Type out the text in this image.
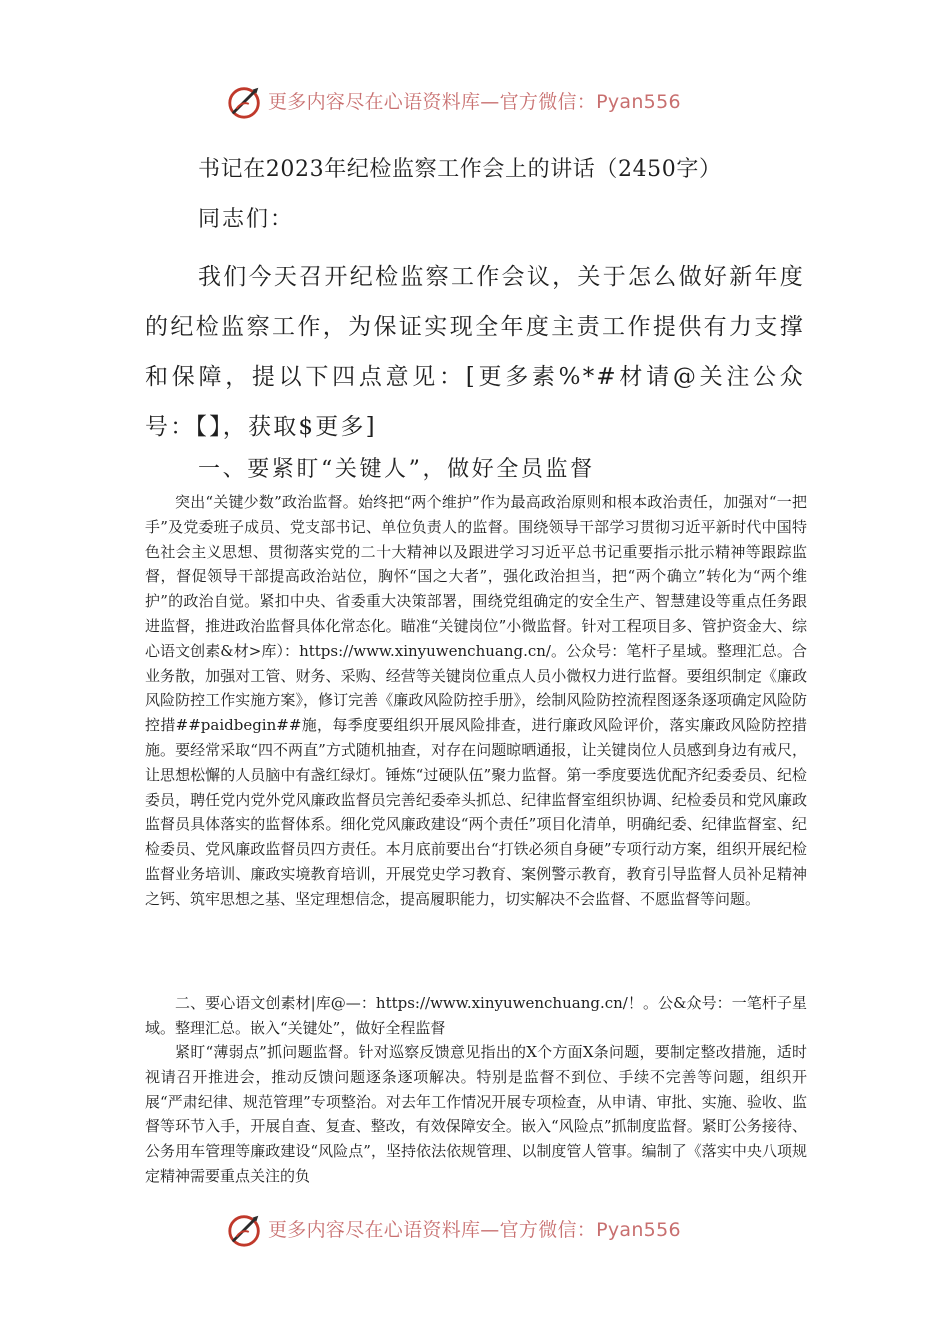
更多内容尽在心语资料库—官方微信：Pyan556
书记在2023年纪检监察工作会上的讲话（2450字）
同志们：

我们今天召开纪检监察工作会议，关于怎么做好新年度的纪检监察工作，为保证实现全年度主责工作提供有力支撑和保障，提以下四点意见：[更多素%*#材请@关注公众号：【】，获取$更多]

一、要紧盯“关键人”，做好全员监督

突出“关键少数”政治监督。始终把“两个维护”作为最高政治原则和根本政治责任，加强对“一把手”及党委班子成员、党支部书记、单位负责人的监督。围绕领导干部学习贯彻习近平新时代中国特色社会主义思想、贯彻落实党的二十大精神以及跟进学习习近平总书记重要指示批示精神等跟踪监督，督促领导干部提高政治站位，胸怀“国之大者”，强化政治担当，把“两个确立”转化为“两个维护”的政治自觉。紧扣中央、省委重大决策部署，围绕党组确定的安全生产、智慧建设等重点任务跟进监督，推进政治监督具体化常态化。瞄准“关键岗位”小微监督。针对工程项目多、管护资金大、综心语文创素&材>库）：https://www.xinyuwenchuang.cn/。公众号：笔杆子星域。整理汇总。合业务散，加强对工管、财务、采购、经营等关键岗位重点人员小微权力进行监督。要组织制定《廉政风险防控工作实施方案》，修订完善《廉政风险防控手册》，绘制风险防控流程图逐条逐项确定风险防控措##paidbegin##施，每季度要组织开展风险排查，进行廉政风险评价，落实廉政风险防控措施。要经常采取“四不两直”方式随机抽查，对存在问题晾晒通报，让关键岗位人员感到身边有戒尺，让思想松懈的人员脑中有盏红绿灯。锤炼“过硬队伍”聚力监督。第一季度要选优配齐纪委委员、纪检委员，聘任党内党外党风廉政监督员完善纪委牵头抓总、纪律监督室组织协调、纪检委员和党风廉政监督员具体落实的监督体系。细化党风廉政建设“两个责任”项目化清单，明确纪委、纪律监督室、纪检委员、党风廉政监督员四方责任。本月底前要出台“打铁必须自身硬”专项行动方案，组织开展纪检监督业务培训、廉政实境教育培训，开展党史学习教育、案例警示教育，教育引导监督人员补足精神之钙、筑牢思想之基、坚定理想信念，提高履职能力，切实解决不会监督、不愿监督等问题。

二、要心语文创素材|库@—：https://www.xinyuwenchuang.cn/！。公&众号：一笔杆子星域。整理汇总。嵌入“关键处”，做好全程监督

紧盯“薄弱点”抓问题监督。针对巡察反馈意见指出的X个方面X条问题，要制定整改措施，适时视请召开推进会，推动反馈问题逐条逐项解决。特别是监督不到位、手续不完善等问题，组织开展“严肃纪律、规范管理”专项整治。对去年工作情况开展专项检查，从申请、审批、实施、验收、监督等环节入手，开展自查、复查、整改，有效保障安全。嵌入“风险点”抓制度监督。紧盯公务接待、公务用车管理等廉政建设“风险点”，坚持依法依规管理、以制度管人管事。编制了《落实中央八项规定精神需要重点关注的负

更多内容尽在心语资料库—官方微信：Pyan556
